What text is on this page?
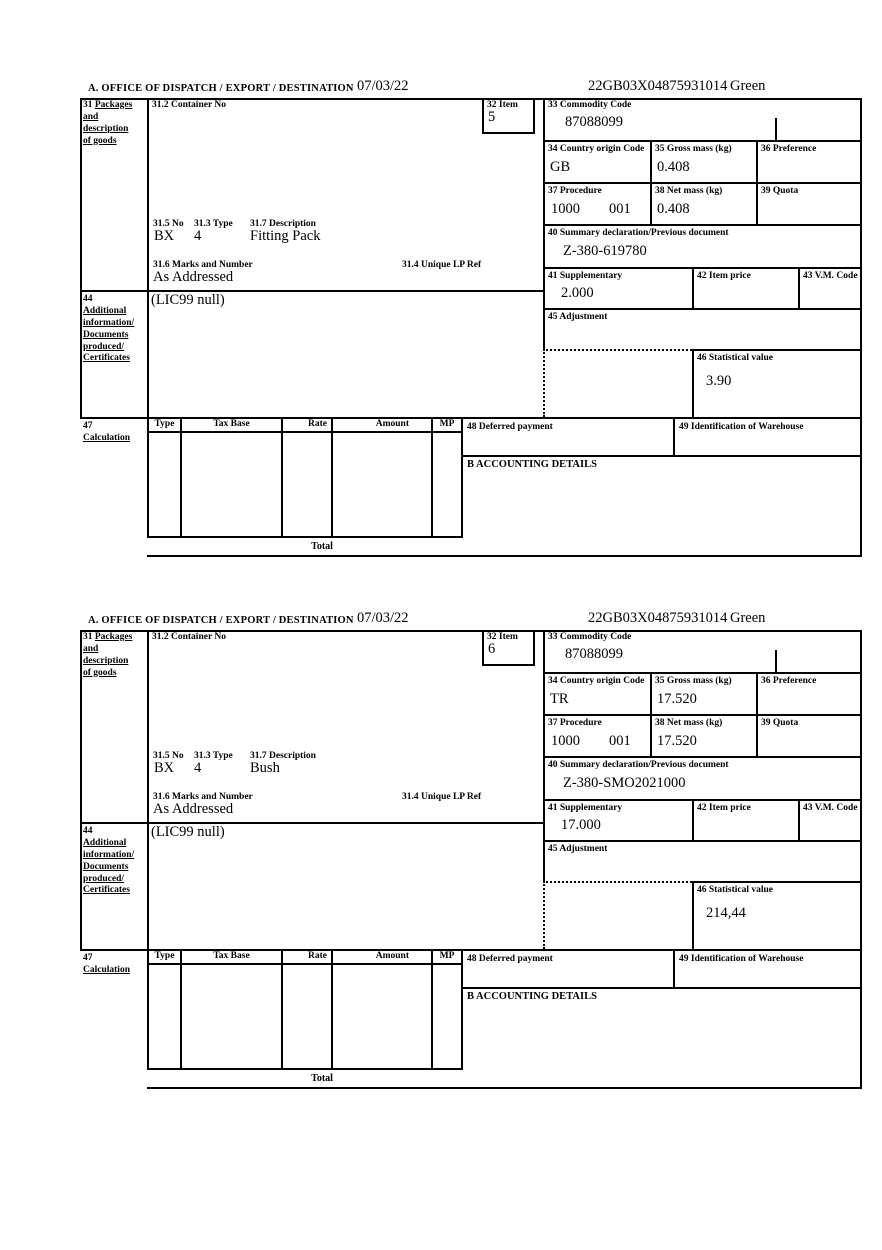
A. OFFICE OF DISPATCH / EXPORT / DESTINATION 07/03/22	22GB03X04875931014 Green
31 Packages
and
description
of goods
31.2 Container No
31.5 No 31.3 Type 31.7 Description
BX 4	Fitting Pack
31.6 Marks and Number	31.4 Unique LP Ref
As Addressed
32 Item
5
33 Commodity Code
87088099
34 Country origin Code
GB
35 Gross mass (kg)
0.408
36 Preference
37 Procedure
1000 001
38 Net mass (kg)
0.408
39 Quota
40 Summary declaration/Previous document
Z-380-619780
41 Supplementary
2.000
42 Item price	43 V.M. Code
45 Adjustment
46 Statistical value
3.90
44
Additional
information/
Documents
produced/
Certificates
(LIC99 null)
47
Calculation
Type	Tax Base	Rate	Amount	MP	48 Deferred payment	49 Identification of Warehouse
B ACCOUNTING DETAILS
Total
A. OFFICE OF DISPATCH / EXPORT / DESTINATION 07/03/22	22GB03X04875931014 Green
31 Packages
and
description
of goods
31.2 Container No
31.5 No 31.3 Type 31.7 Description
BX 4	Bush
31.6 Marks and Number	31.4 Unique LP Ref
As Addressed
32 Item
6
33 Commodity Code
87088099
34 Country origin Code
TR
35 Gross mass (kg)
17.520
36 Preference
37 Procedure
1000 001
38 Net mass (kg)
17.520
39 Quota
40 Summary declaration/Previous document
Z-380-SMO2021000
41 Supplementary
17.000
42 Item price	43 V.M. Code
45 Adjustment
46 Statistical value
214,44
44
Additional
information/
Documents
produced/
Certificates
(LIC99 null)
47
Calculation
Type	Tax Base	Rate	Amount	MP	48 Deferred payment	49 Identification of Warehouse
B ACCOUNTING DETAILS
Total
